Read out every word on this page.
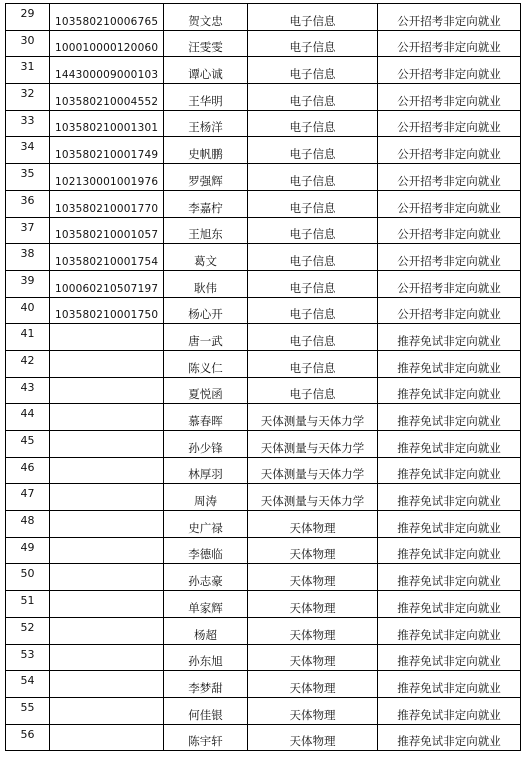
29	103580210006765	贺文忠	电子信息	公开招考非定向就业
30	100010000120060	汪雯雯	电子信息	公开招考非定向就业
31	144300009000103	谭心诚	电子信息	公开招考非定向就业
32	103580210004552	王华明	电子信息	公开招考非定向就业
33	103580210001301	王杨洋	电子信息	公开招考非定向就业
34	103580210001749	史帆鹏	电子信息	公开招考非定向就业
35	102130001001976	罗强辉	电子信息	公开招考非定向就业
36	103580210001770	李嘉柠	电子信息	公开招考非定向就业
37	103580210001057	王旭东	电子信息	公开招考非定向就业
38	103580210001754	葛文	电子信息	公开招考非定向就业
39	100060210507197	耿伟	电子信息	公开招考非定向就业
40	103580210001750	杨心开	电子信息	公开招考非定向就业
41		唐一武	电子信息	推荐免试非定向就业
42		陈义仁	电子信息	推荐免试非定向就业
43		夏悦函	电子信息	推荐免试非定向就业
44		慕春晖	天体测量与天体力学	推荐免试非定向就业
45		孙少锋	天体测量与天体力学	推荐免试非定向就业
46		林厚羽	天体测量与天体力学	推荐免试非定向就业
47		周涛	天体测量与天体力学	推荐免试非定向就业
48		史广禄	天体物理	推荐免试非定向就业
49		李德临	天体物理	推荐免试非定向就业
50		孙志豪	天体物理	推荐免试非定向就业
51		单家辉	天体物理	推荐免试非定向就业
52		杨超	天体物理	推荐免试非定向就业
53		孙东旭	天体物理	推荐免试非定向就业
54		李梦甜	天体物理	推荐免试非定向就业
55		何佳银	天体物理	推荐免试非定向就业
56		陈宇轩	天体物理	推荐免试非定向就业
